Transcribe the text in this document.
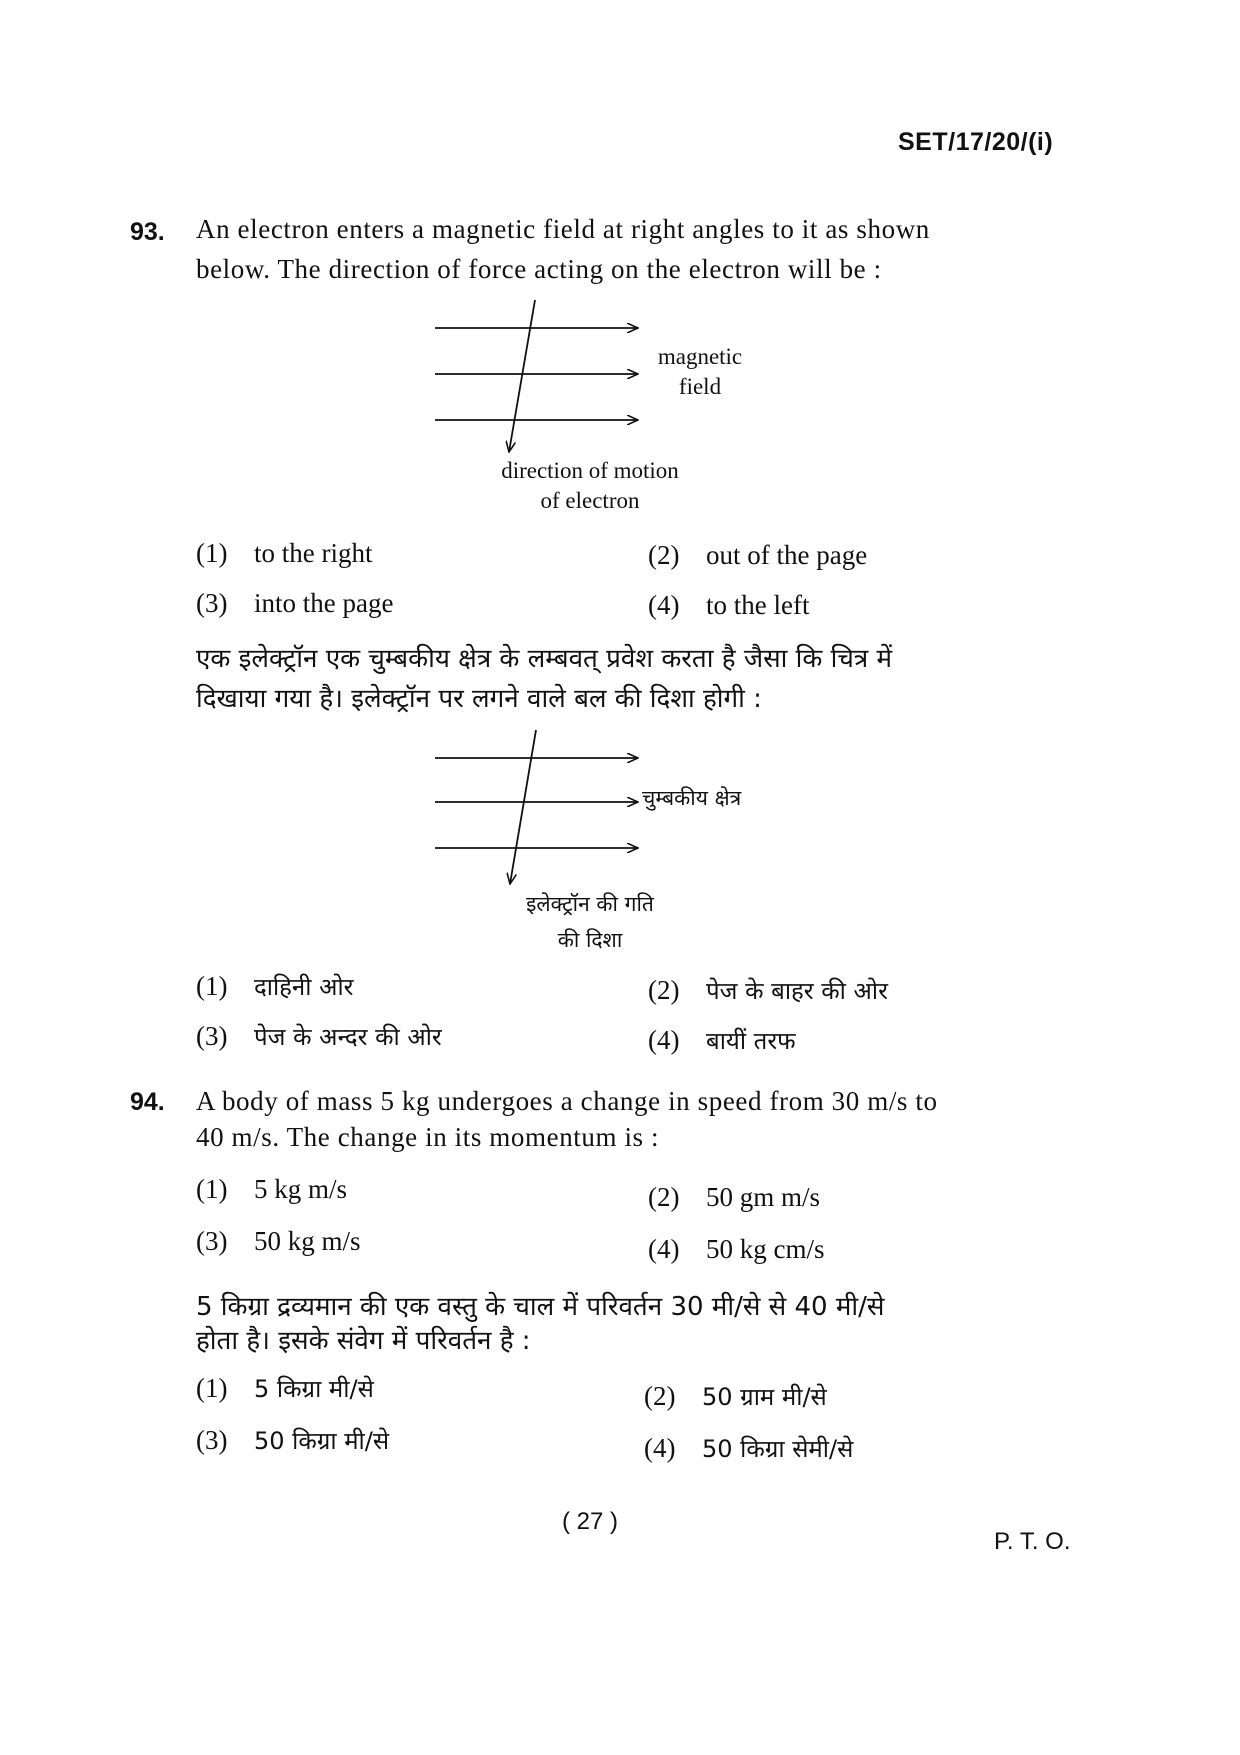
SET/17/20/(i)
93. An electron enters a magnetic field at right angles to it as shown
below. The direction of force acting on the electron will be :
magnetic
field
direction of motion
of electron
(1) to the right	(2) out of the page
(3) into the page	(4) to the left
एक इलेक्ट्रॉन एक चुम्बकीय क्षेत्र के लम्बवत् प्रवेश करता है जैसा कि चित्र में
दिखाया गया है। इलेक्ट्रॉन पर लगने वाले बल की दिशा होगी :
चुम्बकीय क्षेत्र
इलेक्ट्रॉन की गति
की दिशा
(1) दाहिनी ओर	(2) पेज के बाहर की ओर
(3) पेज के अन्दर की ओर	(4) बायीं तरफ
94. A body of mass 5 kg undergoes a change in speed from 30 m/s to
40 m/s. The change in its momentum is :
(1) 5 kg m/s	(2) 50 gm m/s
(3) 50 kg m/s	(4) 50 kg cm/s
5 किग्रा द्रव्यमान की एक वस्तु के चाल में परिवर्तन 30 मी/से से 40 मी/से
होता है। इसके संवेग में परिवर्तन है :
(1) 5 किग्रा मी/से	(2) 50 ग्राम मी/से
(3) 50 किग्रा मी/से	(4) 50 किग्रा सेमी/से
( 27 )
P. T. O.
